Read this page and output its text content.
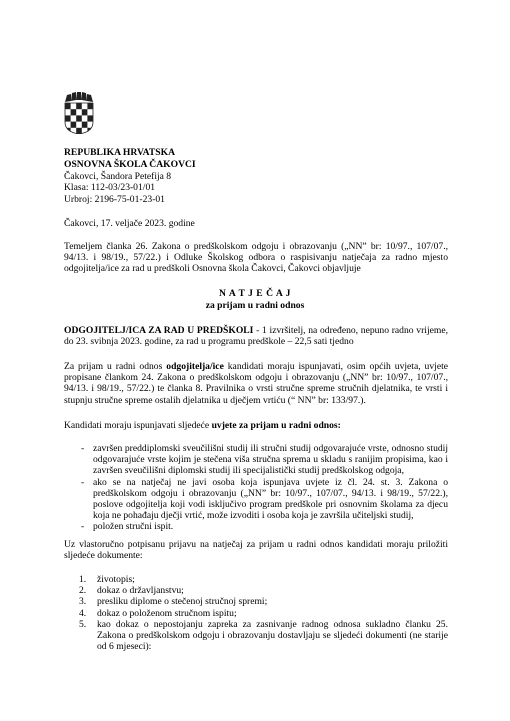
REPUBLIKA HRVATSKA
OSNOVNA ŠKOLA ČAKOVCI
Čakovci, Šandora Petefija 8
Klasa: 112-03/23-01/01
Urbroj: 2196-75-01-23-01
Čakovci, 17. veljače 2023. godine
Temeljem članka 26. Zakona o predškolskom odgoju i obrazovanju („NN” br: 10/97., 107/07., 94/13. i 98/19., 57/22.) i Odluke Školskog odbora o raspisivanju natječaja za radno mjesto odgojitelja/ice za rad u predškoli Osnovna škola Čakovci, Čakovci objavljuje
N A T J E Č A J
za prijam u radni odnos
ODGOJITELJ/ICA ZA RAD U PREDŠKOLI - 1 izvršitelj, na određeno, nepuno radno vrijeme, do 23. svibnja 2023. godine, za rad u programu predškole – 22,5 sati tjedno
Za prijam u radni odnos odgojitelja/ice kandidati moraju ispunjavati, osim općih uvjeta, uvjete propisane člankom 24. Zakona o predškolskom odgoju i obrazovanju („NN” br: 10/97., 107/07., 94/13. i 98/19., 57/22.) te članka 8. Pravilnika o vrsti stručne spreme stručnih djelatnika, te vrsti i stupnju stručne spreme ostalih djelatnika u dječjem vrtiću (“ NN” br: 133/97.).
Kandidati moraju ispunjavati sljedeće uvjete za prijam u radni odnos:
- završen preddiplomski sveučilišni studij ili stručni studij odgovarajuće vrste, odnosno studij odgovarajuće vrste kojim je stečena viša stručna sprema u skladu s ranijim propisima, kao i završen sveučilišni diplomski studij ili specijalistički studij predškolskog odgoja,
- ako se na natječaj ne javi osoba koja ispunjava uvjete iz čl. 24. st. 3. Zakona o predškolskom odgoju i obrazovanju („NN” br: 10/97., 107/07., 94/13. i 98/19., 57/22.), poslove odgojitelja koji vodi isključivo program predškole pri osnovnim školama za djecu koja ne pohađaju dječji vrtić, može izvoditi i osoba koja je završila učiteljski studij,
- položen stručni ispit.
Uz vlastoručno potpisanu prijavu na natječaj za prijam u radni odnos kandidati moraju priložiti sljedeće dokumente:
1. životopis;
2. dokaz o državljanstvu;
3. presliku diplome o stečenoj stručnoj spremi;
4. dokaz o položenom stručnom ispitu;
5. kao dokaz o nepostojanju zapreka za zasnivanje radnog odnosa sukladno članku 25. Zakona o predškolskom odgoju i obrazovanju dostavljaju se sljedeći dokumenti (ne starije od 6 mjeseci):
